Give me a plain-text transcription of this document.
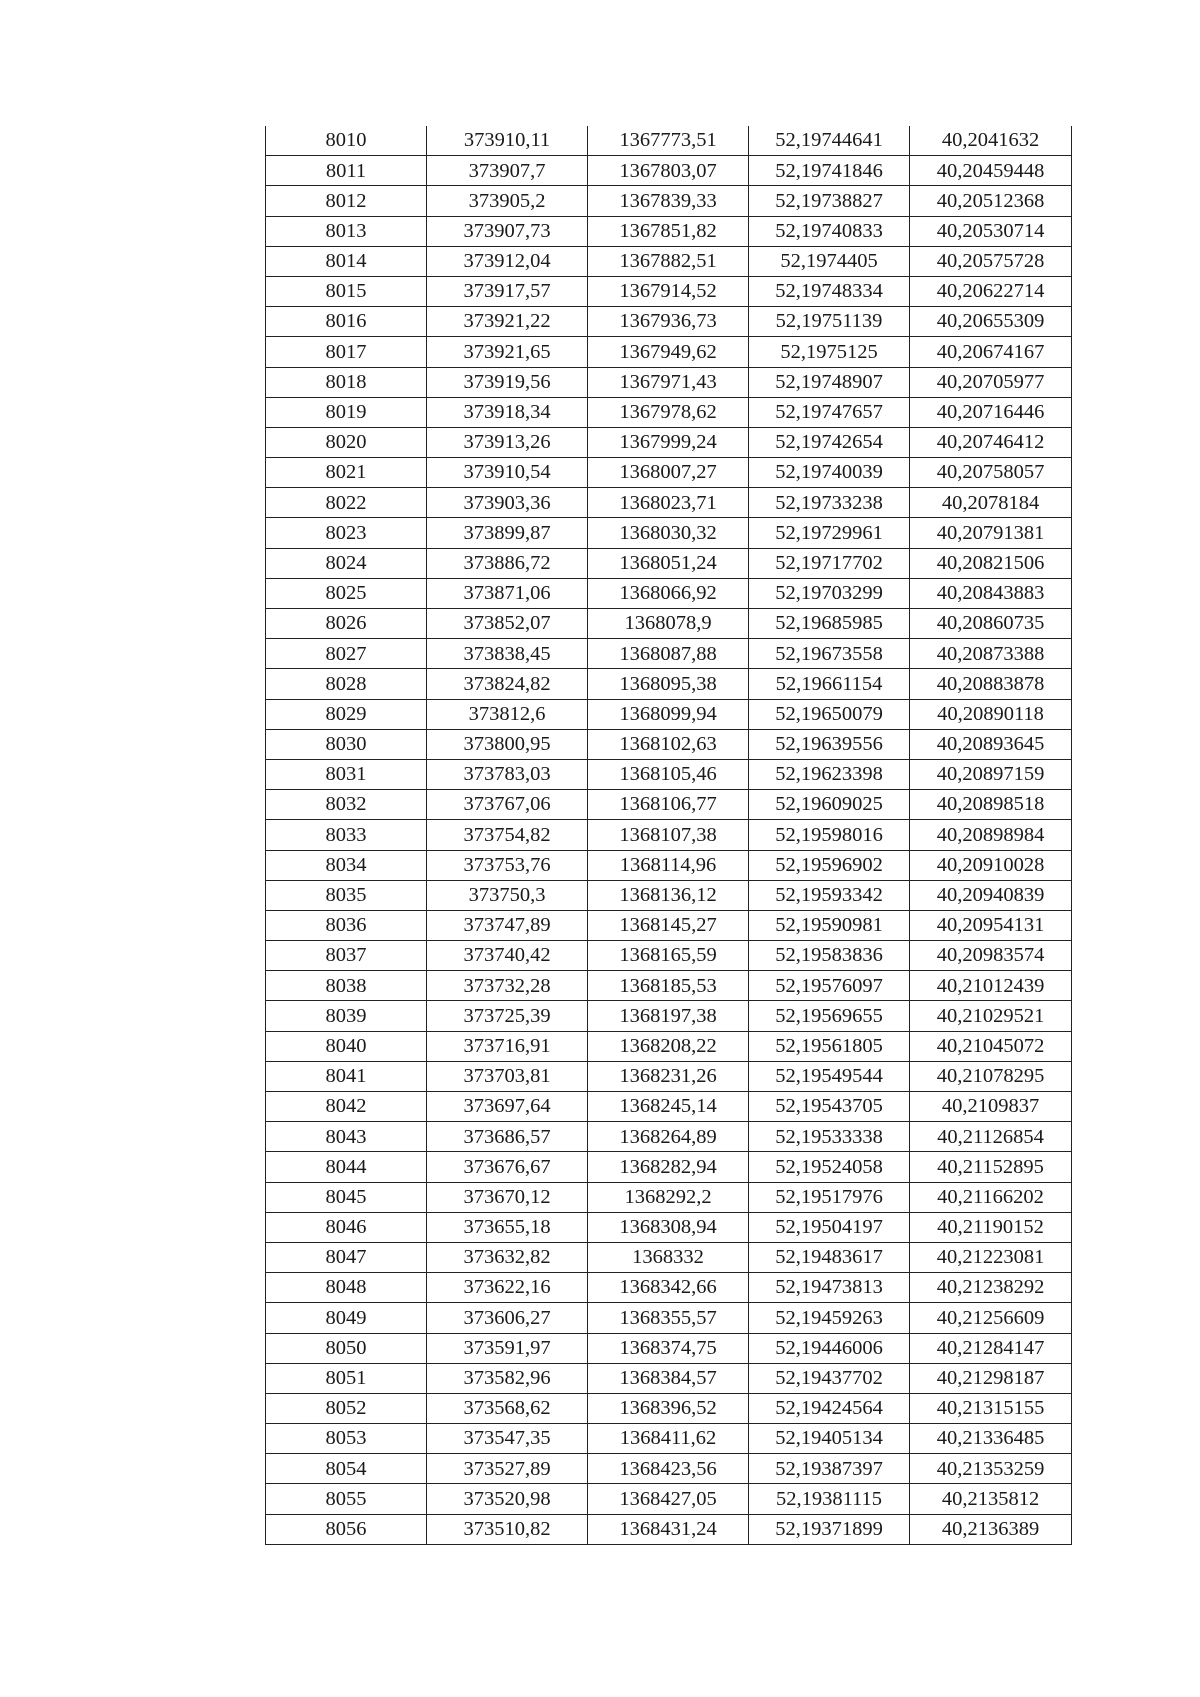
8010	373910,11	1367773,51	52,19744641	40,2041632
8011	373907,7	1367803,07	52,19741846	40,20459448
8012	373905,2	1367839,33	52,19738827	40,20512368
8013	373907,73	1367851,82	52,19740833	40,20530714
8014	373912,04	1367882,51	52,1974405	40,20575728
8015	373917,57	1367914,52	52,19748334	40,20622714
8016	373921,22	1367936,73	52,19751139	40,20655309
8017	373921,65	1367949,62	52,1975125	40,20674167
8018	373919,56	1367971,43	52,19748907	40,20705977
8019	373918,34	1367978,62	52,19747657	40,20716446
8020	373913,26	1367999,24	52,19742654	40,20746412
8021	373910,54	1368007,27	52,19740039	40,20758057
8022	373903,36	1368023,71	52,19733238	40,2078184
8023	373899,87	1368030,32	52,19729961	40,20791381
8024	373886,72	1368051,24	52,19717702	40,20821506
8025	373871,06	1368066,92	52,19703299	40,20843883
8026	373852,07	1368078,9	52,19685985	40,20860735
8027	373838,45	1368087,88	52,19673558	40,20873388
8028	373824,82	1368095,38	52,19661154	40,20883878
8029	373812,6	1368099,94	52,19650079	40,20890118
8030	373800,95	1368102,63	52,19639556	40,20893645
8031	373783,03	1368105,46	52,19623398	40,20897159
8032	373767,06	1368106,77	52,19609025	40,20898518
8033	373754,82	1368107,38	52,19598016	40,20898984
8034	373753,76	1368114,96	52,19596902	40,20910028
8035	373750,3	1368136,12	52,19593342	40,20940839
8036	373747,89	1368145,27	52,19590981	40,20954131
8037	373740,42	1368165,59	52,19583836	40,20983574
8038	373732,28	1368185,53	52,19576097	40,21012439
8039	373725,39	1368197,38	52,19569655	40,21029521
8040	373716,91	1368208,22	52,19561805	40,21045072
8041	373703,81	1368231,26	52,19549544	40,21078295
8042	373697,64	1368245,14	52,19543705	40,2109837
8043	373686,57	1368264,89	52,19533338	40,21126854
8044	373676,67	1368282,94	52,19524058	40,21152895
8045	373670,12	1368292,2	52,19517976	40,21166202
8046	373655,18	1368308,94	52,19504197	40,21190152
8047	373632,82	1368332	52,19483617	40,21223081
8048	373622,16	1368342,66	52,19473813	40,21238292
8049	373606,27	1368355,57	52,19459263	40,21256609
8050	373591,97	1368374,75	52,19446006	40,21284147
8051	373582,96	1368384,57	52,19437702	40,21298187
8052	373568,62	1368396,52	52,19424564	40,21315155
8053	373547,35	1368411,62	52,19405134	40,21336485
8054	373527,89	1368423,56	52,19387397	40,21353259
8055	373520,98	1368427,05	52,19381115	40,2135812
8056	373510,82	1368431,24	52,19371899	40,2136389
